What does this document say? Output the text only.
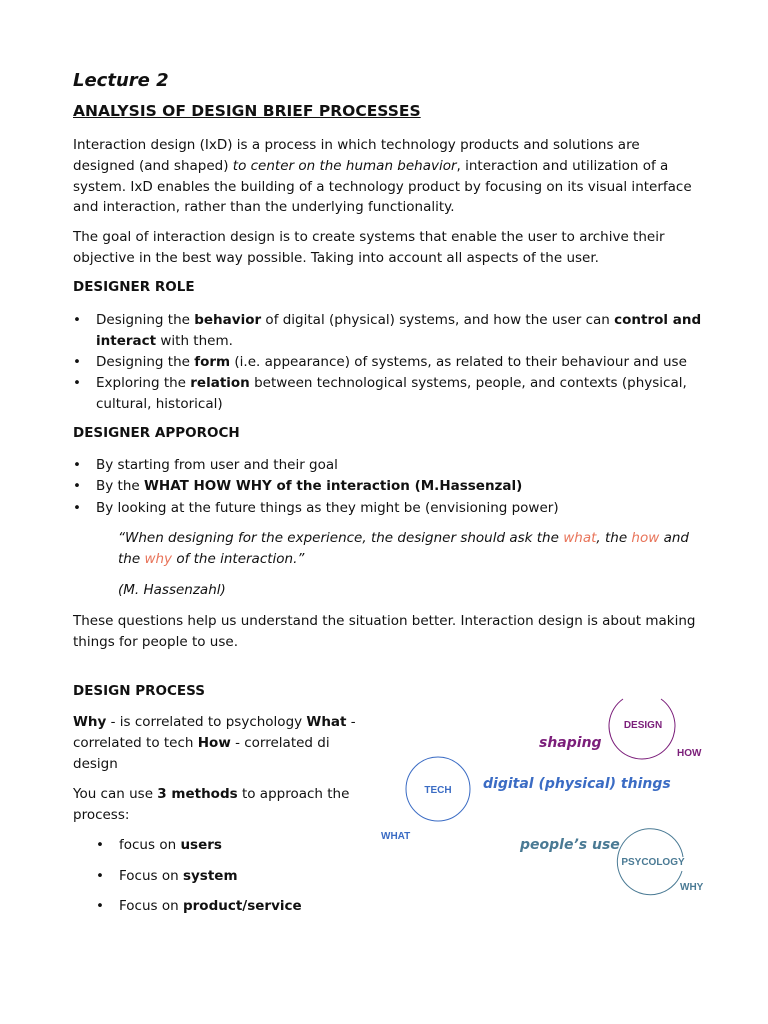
Lecture 2
ANALYSIS OF DESIGN BRIEF PROCESSES

Interaction design (IxD) is a process in which technology products and solutions are designed (and shaped) to center on the human behavior, interaction and utilization of a system. IxD enables the building of a technology product by focusing on its visual interface and interaction, rather than the underlying functionality.

The goal of interaction design is to create systems that enable the user to archive their objective in the best way possible. Taking into account all aspects of the user.

DESIGNER ROLE
• Designing the behavior of digital (physical) systems, and how the user can control and interact with them.
• Designing the form (i.e. appearance) of systems, as related to their behaviour and use
• Exploring the relation between technological systems, people, and contexts (physical, cultural, historical)
DESIGNER APPOROCH
• By starting from user and their goal
• By the WHAT HOW WHY of the interaction (M.Hassenzal)
• By looking at the future things as they might be (envisioning power)

“When designing for the experience, the designer should ask the what, the how and the why of the interaction.”

(M. Hassenzahl)

These questions help us understand the situation better. Interaction design is about making things for people to use.

DESIGN PROCESS

Why - is correlated to psychology What - correlated to tech How - correlated di design

You can use 3 methods to approach the process:

• focus on users
• Focus on system
• Focus on product/service
DESIGN
HOW
shaping
TECH digital (physical) things
WHAT
PSYCOLOGY
people’s use
WHY
